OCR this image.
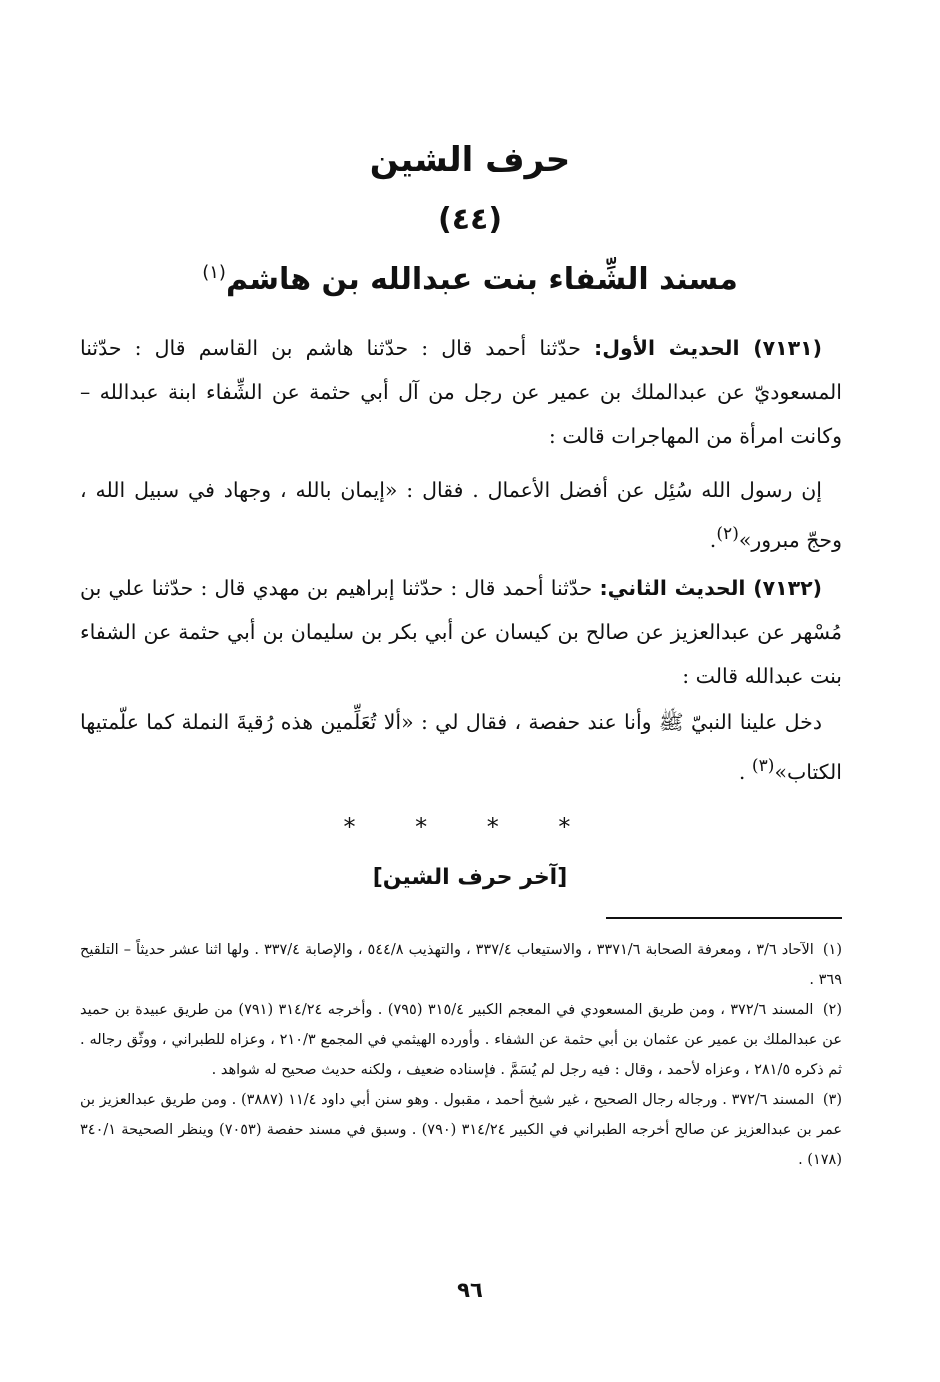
حرف الشين
(٤٤)
مسند الشِّفاء بنت عبدالله بن هاشم$^{(١)}$
(٧١٣١) الحديث الأول: حدّثنا أحمد قال : حدّثنا هاشم بن القاسم قال : حدّثنا المسعوديّ عن عبدالملك بن عمير عن رجل من آل أبي حثمة عن الشِّفاء ابنة عبدالله – وكانت امرأة من المهاجرات قالت :
إن رسول الله سُئِل عن أفضل الأعمال . فقال : «إيمان بالله ، وجهاد في سبيل الله ، وحجّ مبرور»$^{(٢)}$.
(٧١٣٢) الحديث الثاني: حدّثنا أحمد قال : حدّثنا إبراهيم بن مهدي قال : حدّثنا علي بن مُسْهر عن عبدالعزيز عن صالح بن كيسان عن أبي بكر بن سليمان بن أبي حثمة عن الشفاء بنت عبدالله قالت :
دخل علينا النبيّ ﷺ وأنا عند حفصة ، فقال لي : «ألا تُعَلِّمين هذه رُقيةَ النملة كما علّمتيها الكتاب»$^{(٣)}$ .
* * * *
[آخر حرف الشين]

(١) الآحاد ٣/٦ ، ومعرفة الصحابة ٣٣٧١/٦ ، والاستيعاب ٣٣٧/٤ ، والتهذيب ٥٤٤/٨ ، والإصابة ٣٣٧/٤ . ولها اثنا عشر حديثاً – التلقيح ٣٦٩ .

(٢) المسند ٣٧٢/٦ ، ومن طريق المسعودي في المعجم الكبير ٣١٥/٤ (٧٩٥) . وأخرجه ٣١٤/٢٤ (٧٩١) من طريق عبيدة بن حميد عن عبدالملك بن عمير عن عثمان بن أبي حثمة عن الشفاء . وأورده الهيثمي في المجمع ٢١٠/٣ ، وعزاه للطبراني ، ووثّق رجاله . ثم ذكره ٢٨١/٥ ، وعزاه لأحمد ، وقال : فيه رجل لم يُسَمَّ . فإسناده ضعيف ، ولكنه حديث صحيح له شواهد .

(٣) المسند ٣٧٢/٦ . ورجاله رجال الصحيح ، غير شيخ أحمد ، مقبول . وهو سنن أبي داود ١١/٤ (٣٨٨٧) . ومن طريق عبدالعزيز بن عمر بن عبدالعزيز عن صالح أخرجه الطبراني في الكبير ٣١٤/٢٤ (٧٩٠) . وسبق في مسند حفصة (٧٠٥٣) وينظر الصحيحة ٣٤٠/١ (١٧٨) .

٩٦
